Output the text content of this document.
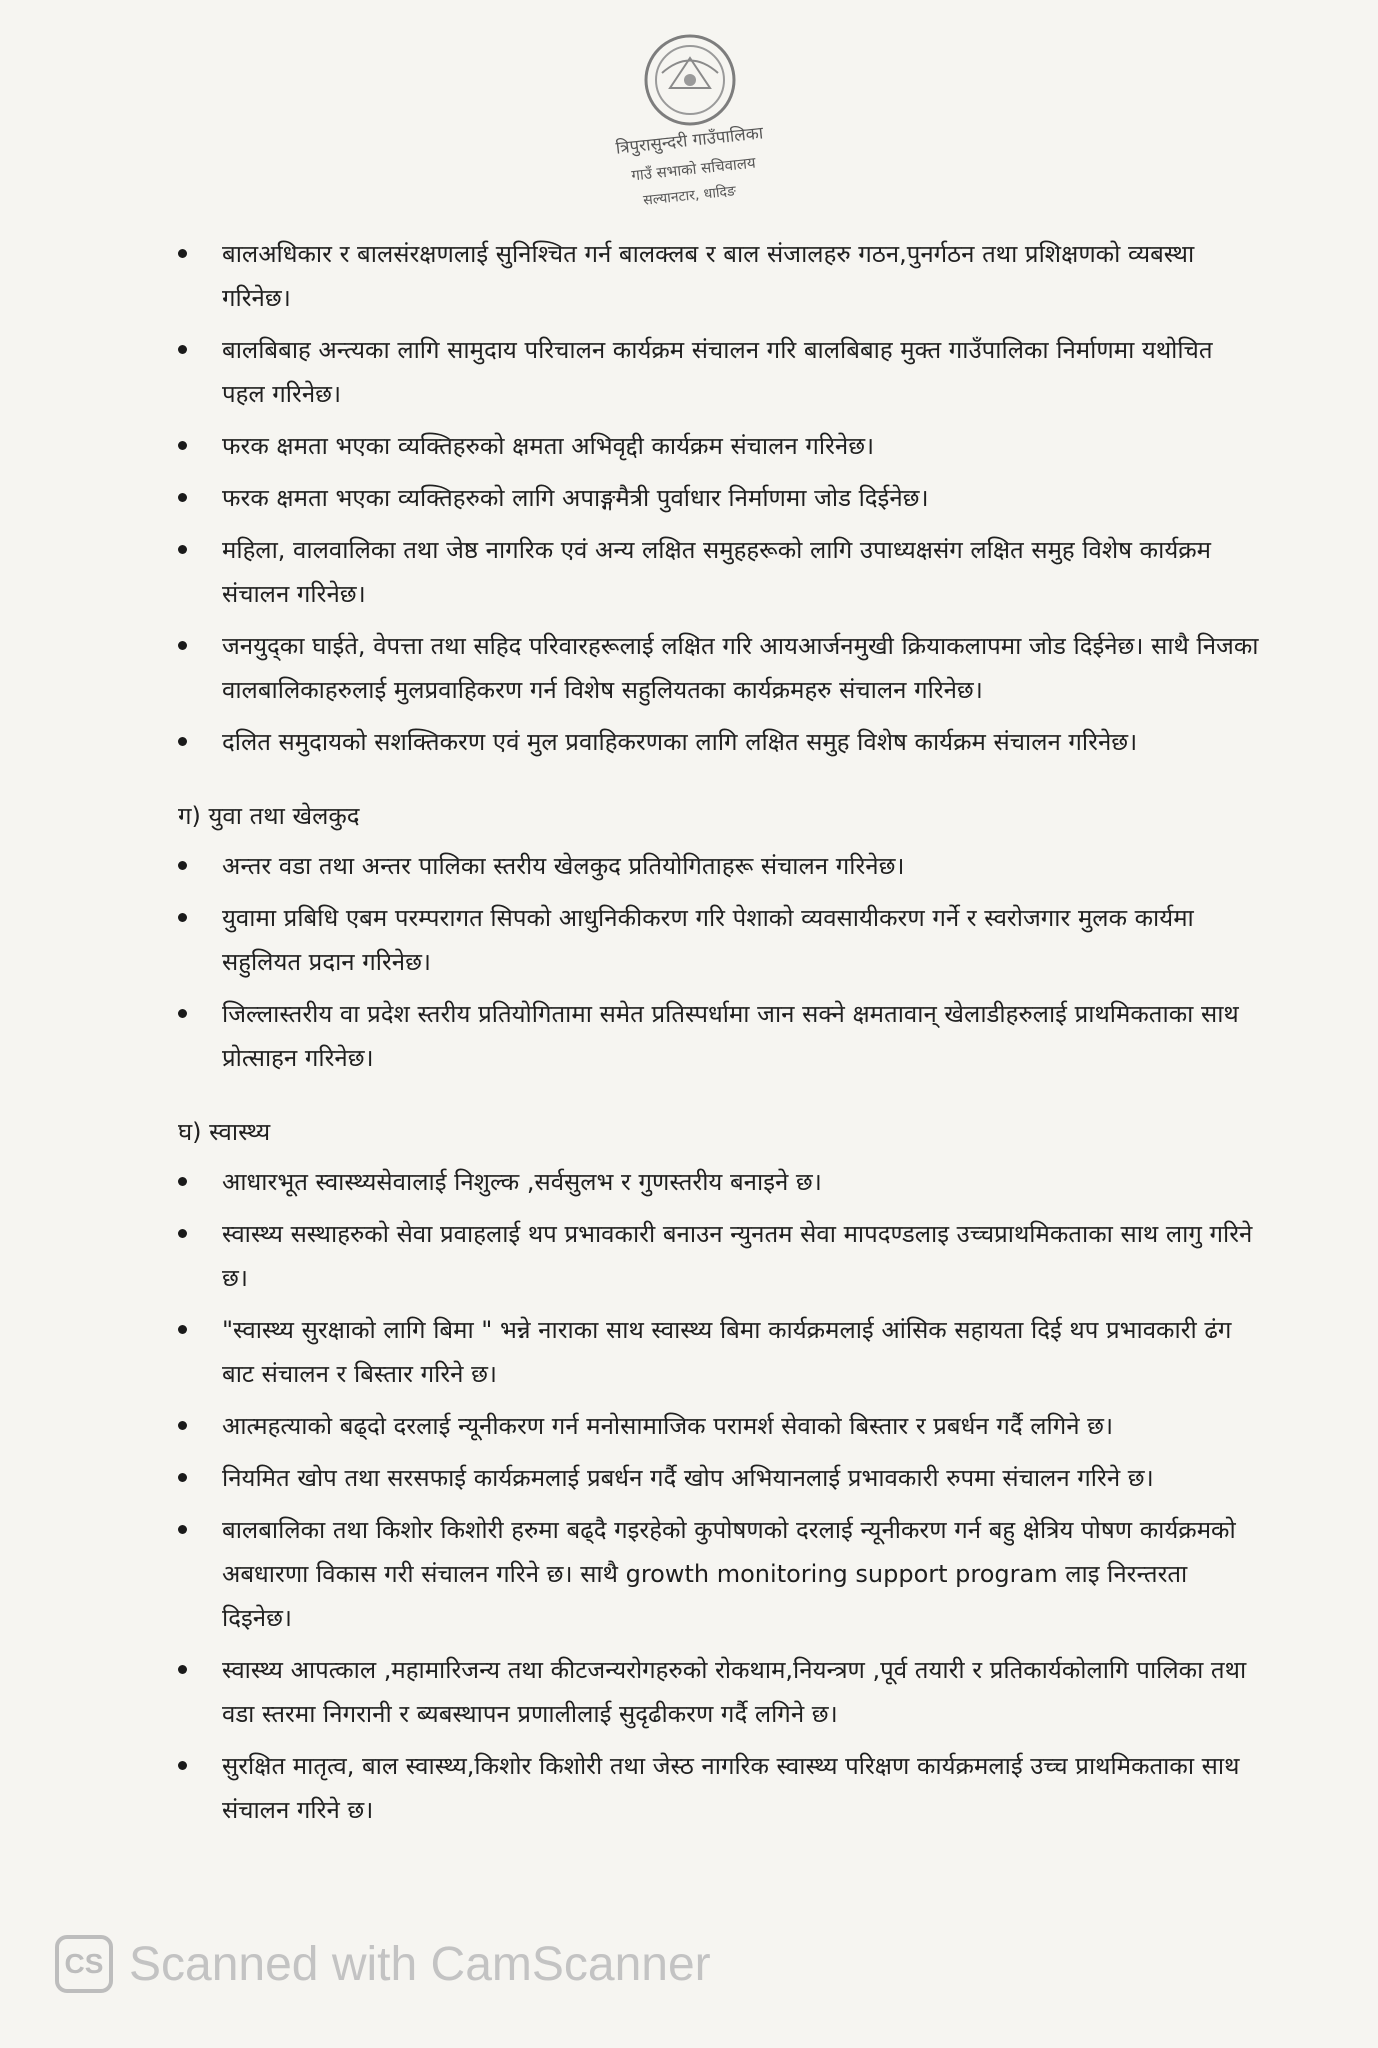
त्रिपुरासुन्दरी गाउँपालिका
गाउँ सभाको सचिवालय
सल्यानटार, धादिङ
बालअधिकार र बालसंरक्षणलाई सुनिश्चित गर्न बालक्लब र बाल संजालहरु गठन,पुनर्गठन तथा प्रशिक्षणको व्यबस्था गरिनेछ।
बालबिबाह अन्त्यका लागि सामुदाय परिचालन कार्यक्रम संचालन गरि बालबिबाह मुक्त गाउँपालिका निर्माणमा यथोचित पहल गरिनेछ।
फरक क्षमता भएका व्यक्तिहरुको क्षमता अभिवृद्दी कार्यक्रम संचालन गरिनेछ।
फरक क्षमता भएका व्यक्तिहरुको लागि अपाङ्गमैत्री पुर्वाधार निर्माणमा जोड दिईनेछ।
महिला, वालवालिका तथा जेष्ठ नागरिक एवं अन्य लक्षित समुहहरूको लागि उपाध्यक्षसंग लक्षित समुह विशेष कार्यक्रम संचालन गरिनेछ।
जनयुद्का घाईते, वेपत्ता तथा सहिद परिवारहरूलाई लक्षित गरि आयआर्जनमुखी क्रियाकलापमा जोड दिईनेछ। साथै निजका वालबालिकाहरुलाई मुलप्रवाहिकरण गर्न विशेष सहुलियतका कार्यक्रमहरु संचालन गरिनेछ।
दलित समुदायको सशक्तिकरण एवं मुल प्रवाहिकरणका लागि लक्षित समुह विशेष कार्यक्रम संचालन गरिनेछ।
ग) युवा तथा खेलकुद
अन्तर वडा तथा अन्तर पालिका स्तरीय खेलकुद प्रतियोगिताहरू संचालन गरिनेछ।
युवामा प्रबिधि एबम परम्परागत सिपको आधुनिकीकरण गरि पेशाको व्यवसायीकरण गर्ने र स्वरोजगार मुलक कार्यमा सहुलियत प्रदान गरिनेछ।
जिल्लास्तरीय वा प्रदेश स्तरीय प्रतियोगितामा समेत प्रतिस्पर्धामा जान सक्ने क्षमतावान् खेलाडीहरुलाई प्राथमिकताका साथ प्रोत्साहन गरिनेछ।
घ) स्वास्थ्य
आधारभूत स्वास्थ्यसेवालाई निशुल्क ,सर्वसुलभ र गुणस्तरीय बनाइने छ।
स्वास्थ्य सस्थाहरुको सेवा प्रवाहलाई थप प्रभावकारी बनाउन न्युनतम सेवा मापदण्डलाइ उच्चप्राथमिकताका साथ लागु गरिने छ।
"स्वास्थ्य सुरक्षाको लागि बिमा " भन्ने नाराका साथ स्वास्थ्य बिमा कार्यक्रमलाई आंसिक सहायता दिई थप प्रभावकारी ढंग बाट संचालन र बिस्तार गरिने छ।
आत्महत्याको बढ्दो दरलाई न्यूनीकरण गर्न मनोसामाजिक परामर्श सेवाको बिस्तार र प्रबर्धन गर्दै लगिने छ।
नियमित खोप तथा सरसफाई कार्यक्रमलाई प्रबर्धन गर्दै खोप अभियानलाई प्रभावकारी रुपमा संचालन गरिने छ।
बालबालिका तथा किशोर किशोरी हरुमा बढ्दै गइरहेको कुपोषणको दरलाई न्यूनीकरण गर्न बहु क्षेत्रिय पोषण कार्यक्रमको अबधारणा विकास गरी संचालन गरिने छ। साथै growth monitoring support program लाइ निरन्तरता दिइनेछ।
स्वास्थ्य आपत्काल ,महामारिजन्य तथा कीटजन्यरोगहरुको रोकथाम,नियन्त्रण ,पूर्व तयारी र प्रतिकार्यकोलागि पालिका तथा वडा स्तरमा निगरानी र ब्यबस्थापन प्रणालीलाई सुदृढीकरण गर्दै लगिने छ।
सुरक्षित मातृत्व, बाल स्वास्थ्य,किशोर किशोरी तथा जेस्ठ नागरिक स्वास्थ्य परिक्षण कार्यक्रमलाई उच्च प्राथमिकताका साथ संचालन गरिने छ।
CS Scanned with CamScanner
